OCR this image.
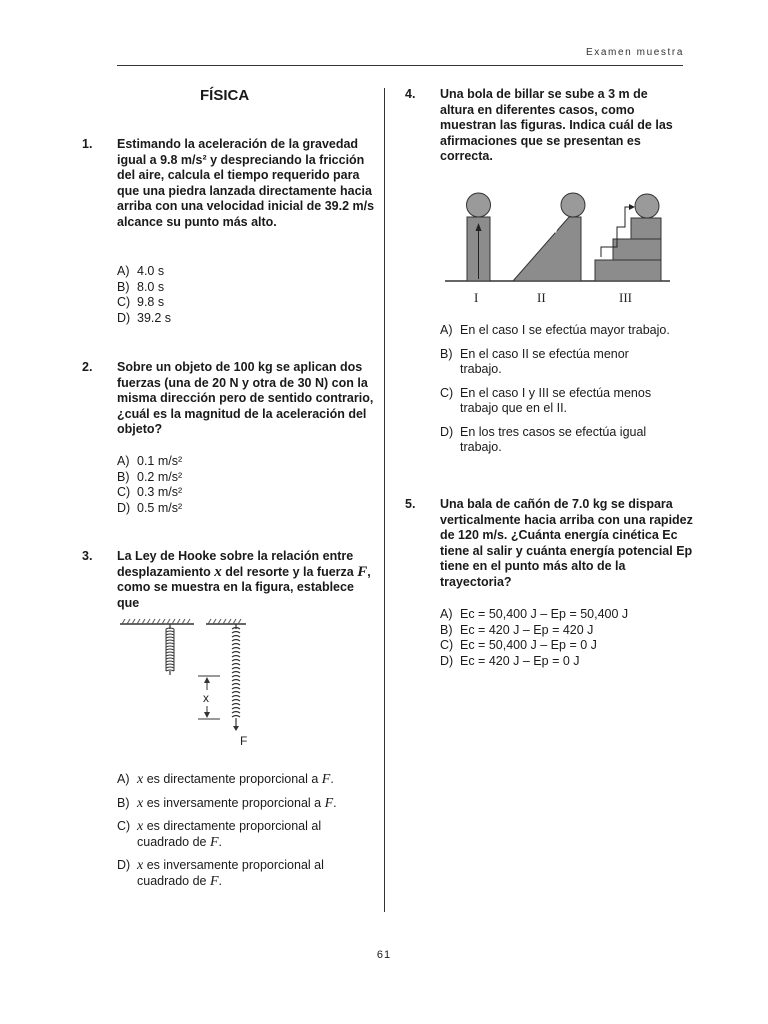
Examen muestra
FÍSICA
1. Estimando la aceleración de la gravedad igual a 9.8 m/s² y despreciando la fricción del aire, calcula el tiempo requerido para que una piedra lanzada directamente hacia arriba con una velocidad inicial de 39.2 m/s alcance su punto más alto.

A) 4.0 s
B) 8.0 s
C) 9.8 s
D) 39.2 s
2. Sobre un objeto de 100 kg se aplican dos fuerzas (una de 20 N y otra de 30 N) con la misma dirección pero de sentido contrario, ¿cuál es la magnitud de la aceleración del objeto?

A) 0.1 m/s²
B) 0.2 m/s²
C) 0.3 m/s²
D) 0.5 m/s²
3. La Ley de Hooke sobre la relación entre desplazamiento x del resorte y la fuerza F, como se muestra en la figura, establece que

x
F
A) x es directamente proporcional a F.
B) x es inversamente proporcional a F.
C) x es directamente proporcional al cuadrado de F.
D) x es inversamente proporcional al cuadrado de F.
4. Una bola de billar se sube a 3 m de altura en diferentes casos, como muestran las figuras. Indica cuál de las afirmaciones que se presentan es correcta.

I	II	III
A) En el caso I se efectúa mayor trabajo.
B) En el caso II se efectúa menor trabajo.
C) En el caso I y III se efectúa menos trabajo que en el II.
D) En los tres casos se efectúa igual trabajo.
5. Una bala de cañón de 7.0 kg se dispara verticalmente hacia arriba con una rapidez de 120 m/s. ¿Cuánta energía cinética Ec tiene al salir y cuánta energía potencial Ep tiene en el punto más alto de la trayectoria?

A) Ec = 50,400 J – Ep = 50,400 J
B) Ec = 420 J – Ep = 420 J
C) Ec = 50,400 J – Ep = 0 J
D) Ec = 420 J – Ep = 0 J
61
